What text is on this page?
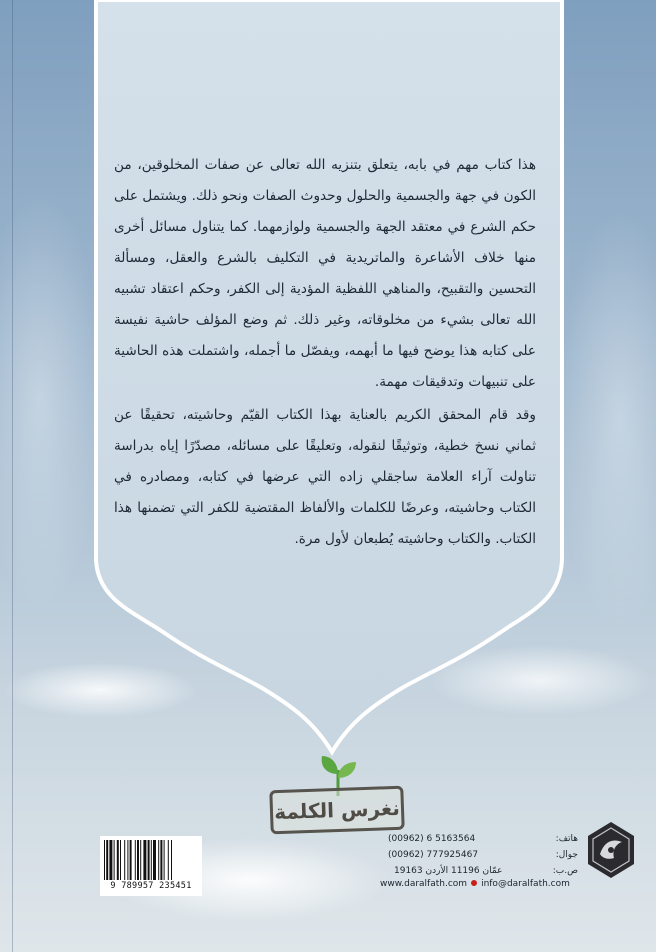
هذا كتاب مهم في بابه، يتعلق بتنزيه الله تعالى عن صفات المخلوقين، من الكون في جهة والجسمية والحلول وحدوث الصفات ونحو ذلك. ويشتمل على حكم الشرع في معتقد الجهة والجسمية ولوازمهما. كما يتناول مسائل أخرى منها خلاف الأشاعرة والماتريدية في التكليف بالشرع والعقل، ومسألة التحسين والتقبيح، والمناهي اللفظية المؤدية إلى الكفر، وحكم اعتقاد تشبيه الله تعالى بشيء من مخلوقاته، وغير ذلك. ثم وضع المؤلف حاشية نفيسة على كتابه هذا يوضح فيها ما أبهمه، ويفصّل ما أجمله، واشتملت هذه الحاشية على تنبيهات وتدقيقات مهمة.

وقد قام المحقق الكريم بالعناية بهذا الكتاب القيّم وحاشيته، تحقيقًا عن ثماني نسخ خطية، وتوثيقًا لنقوله، وتعليقًا على مسائله، مصدّرًا إياه بدراسة تناولت آراء العلامة ساجقلي زاده التي عرضها في كتابه، ومصادره في الكتاب وحاشيته، وعرضًا للكلمات والألفاظ المقتضية للكفر التي تضمنها هذا الكتاب. والكتاب وحاشيته يُطبعان لأول مرة.

نغرس الكلمة
9 789957 235451
(00962) 6 5163564	هاتف:
(00962) 777925467	جوال:
19163 عمّان 11196 الأردن	ص.ب:
www.daralfath.com info@daralfath.com
